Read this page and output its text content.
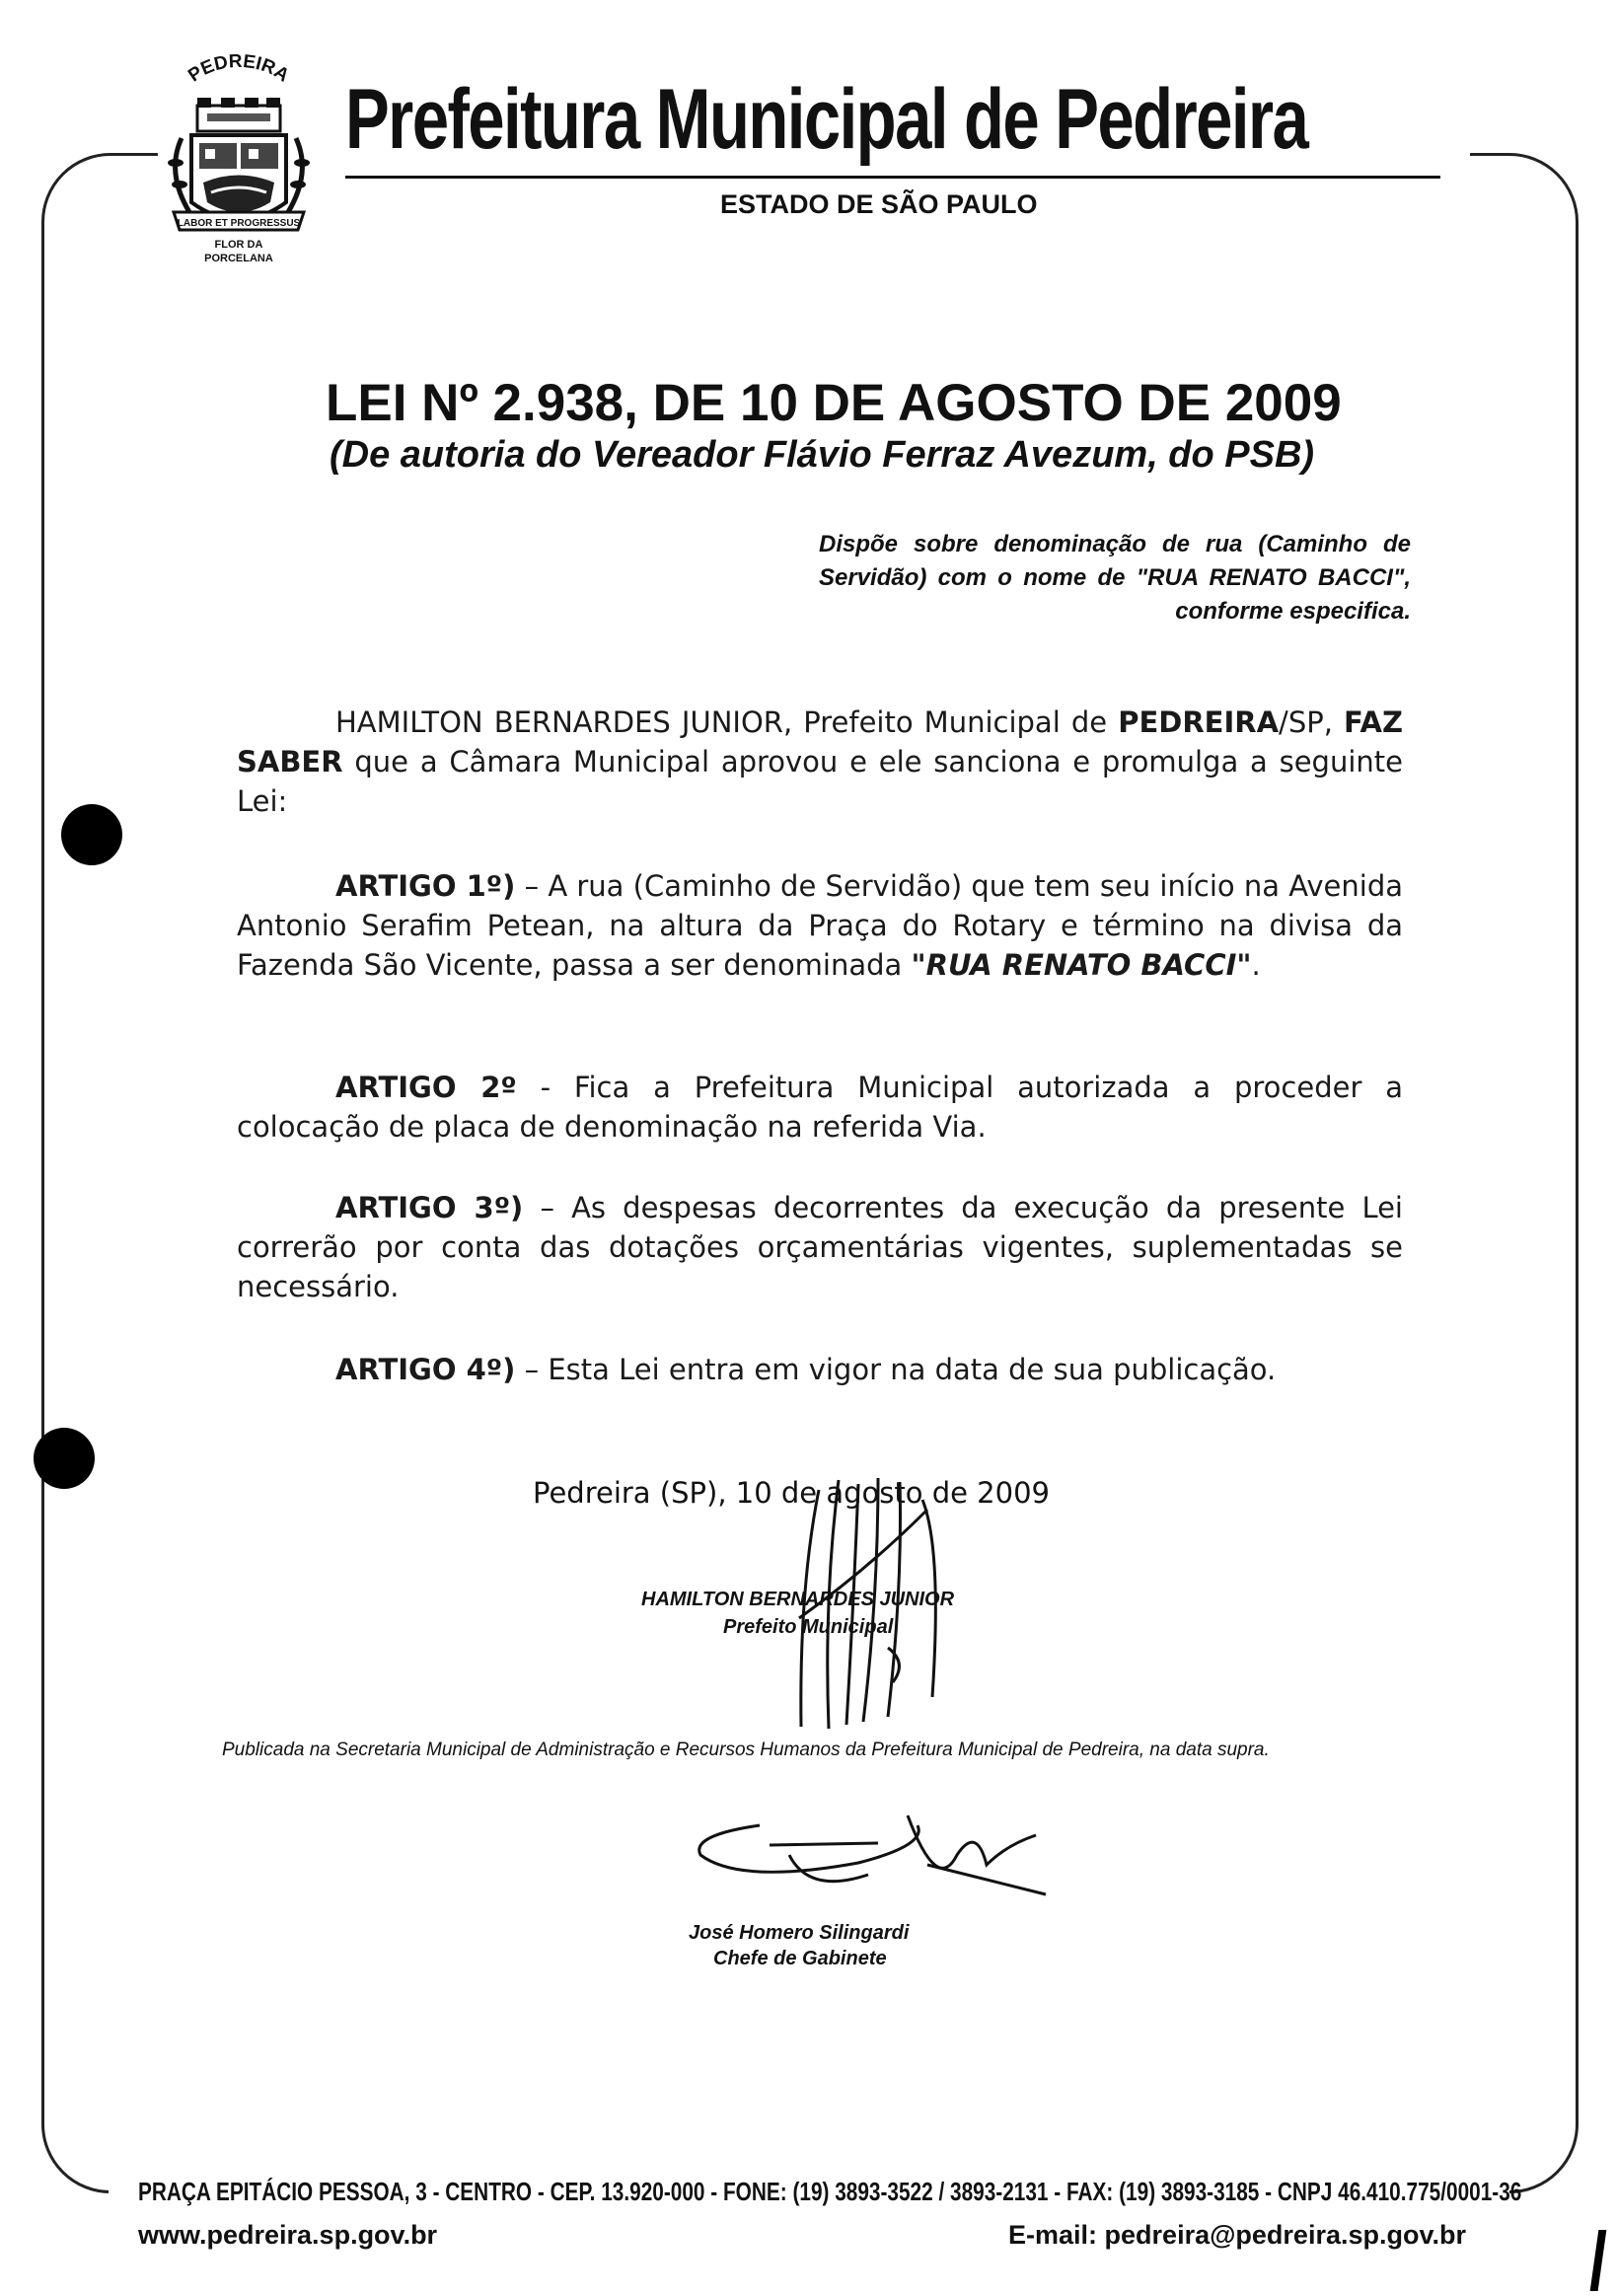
PEDREIRA
LABOR ET PROGRESSUS
FLOR DA
PORCELANA
Prefeitura Municipal de Pedreira
ESTADO DE SÃO PAULO
LEI Nº 2.938, DE 10 DE AGOSTO DE 2009
(De autoria do Vereador Flávio Ferraz Avezum, do PSB)
Dispõe sobre denominação de rua (Caminho de Servidão) com o nome de "RUA RENATO BACCI", conforme especifica.
HAMILTON BERNARDES JUNIOR, Prefeito Municipal de PEDREIRA/SP, FAZ SABER que a Câmara Municipal aprovou e ele sanciona e promulga a seguinte Lei:
ARTIGO 1º) – A rua (Caminho de Servidão) que tem seu início na Avenida Antonio Serafim Petean, na altura da Praça do Rotary e término na divisa da Fazenda São Vicente, passa a ser denominada "RUA RENATO BACCI".
ARTIGO 2º - Fica a Prefeitura Municipal autorizada a proceder a colocação de placa de denominação na referida Via.
ARTIGO 3º) – As despesas decorrentes da execução da presente Lei correrão por conta das dotações orçamentárias vigentes, suplementadas se necessário.
ARTIGO 4º) – Esta Lei entra em vigor na data de sua publicação.
Pedreira (SP), 10 de agosto de 2009
HAMILTON BERNARDES JUNIOR
Prefeito Municipal
Publicada na Secretaria Municipal de Administração e Recursos Humanos da Prefeitura Municipal de Pedreira, na data supra.
José Homero Silingardi
Chefe de Gabinete
PRAÇA EPITÁCIO PESSOA, 3 - CENTRO - CEP. 13.920-000 - FONE: (19) 3893-3522 / 3893-2131 - FAX: (19) 3893-3185 - CNPJ 46.410.775/0001-36
www.pedreira.sp.gov.br	E-mail: pedreira@pedreira.sp.gov.br
